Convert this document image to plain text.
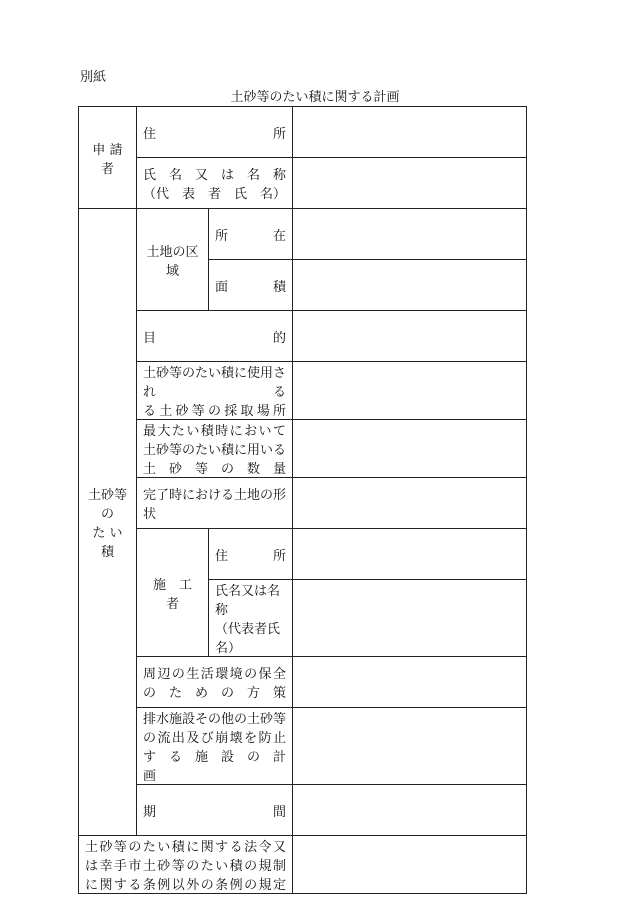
別紙
土砂等のたい積に関する計画
申 請 者	住　　　　所		

	氏　名　又　は　名　称
（代　表　者　氏　名）		

土砂等の
た い 積	土地の区域	所　　　在	

		面　　　積	

	目　　　　　　　的		

	土砂等のたい積に使用される
る土砂等の採取場所		

	最大たい積時において
土砂等のたい積に用いる
土　砂　等　の　数　量		

	完了時における土地の形状		
	施　工　者	住　　　所	

		氏名又は名称
（代表者氏名）	

	周辺の生活環境の保全
の　た　め　の　方　策		

	排水施設その他の土砂等
の流出及び崩壊を防止
す　る　施　設　の　計　画		

	期　　　　　　　間		

土砂等のたい積に関する法令又
は幸手市土砂等のたい積の規制
に関する条例以外の条例の規定			
